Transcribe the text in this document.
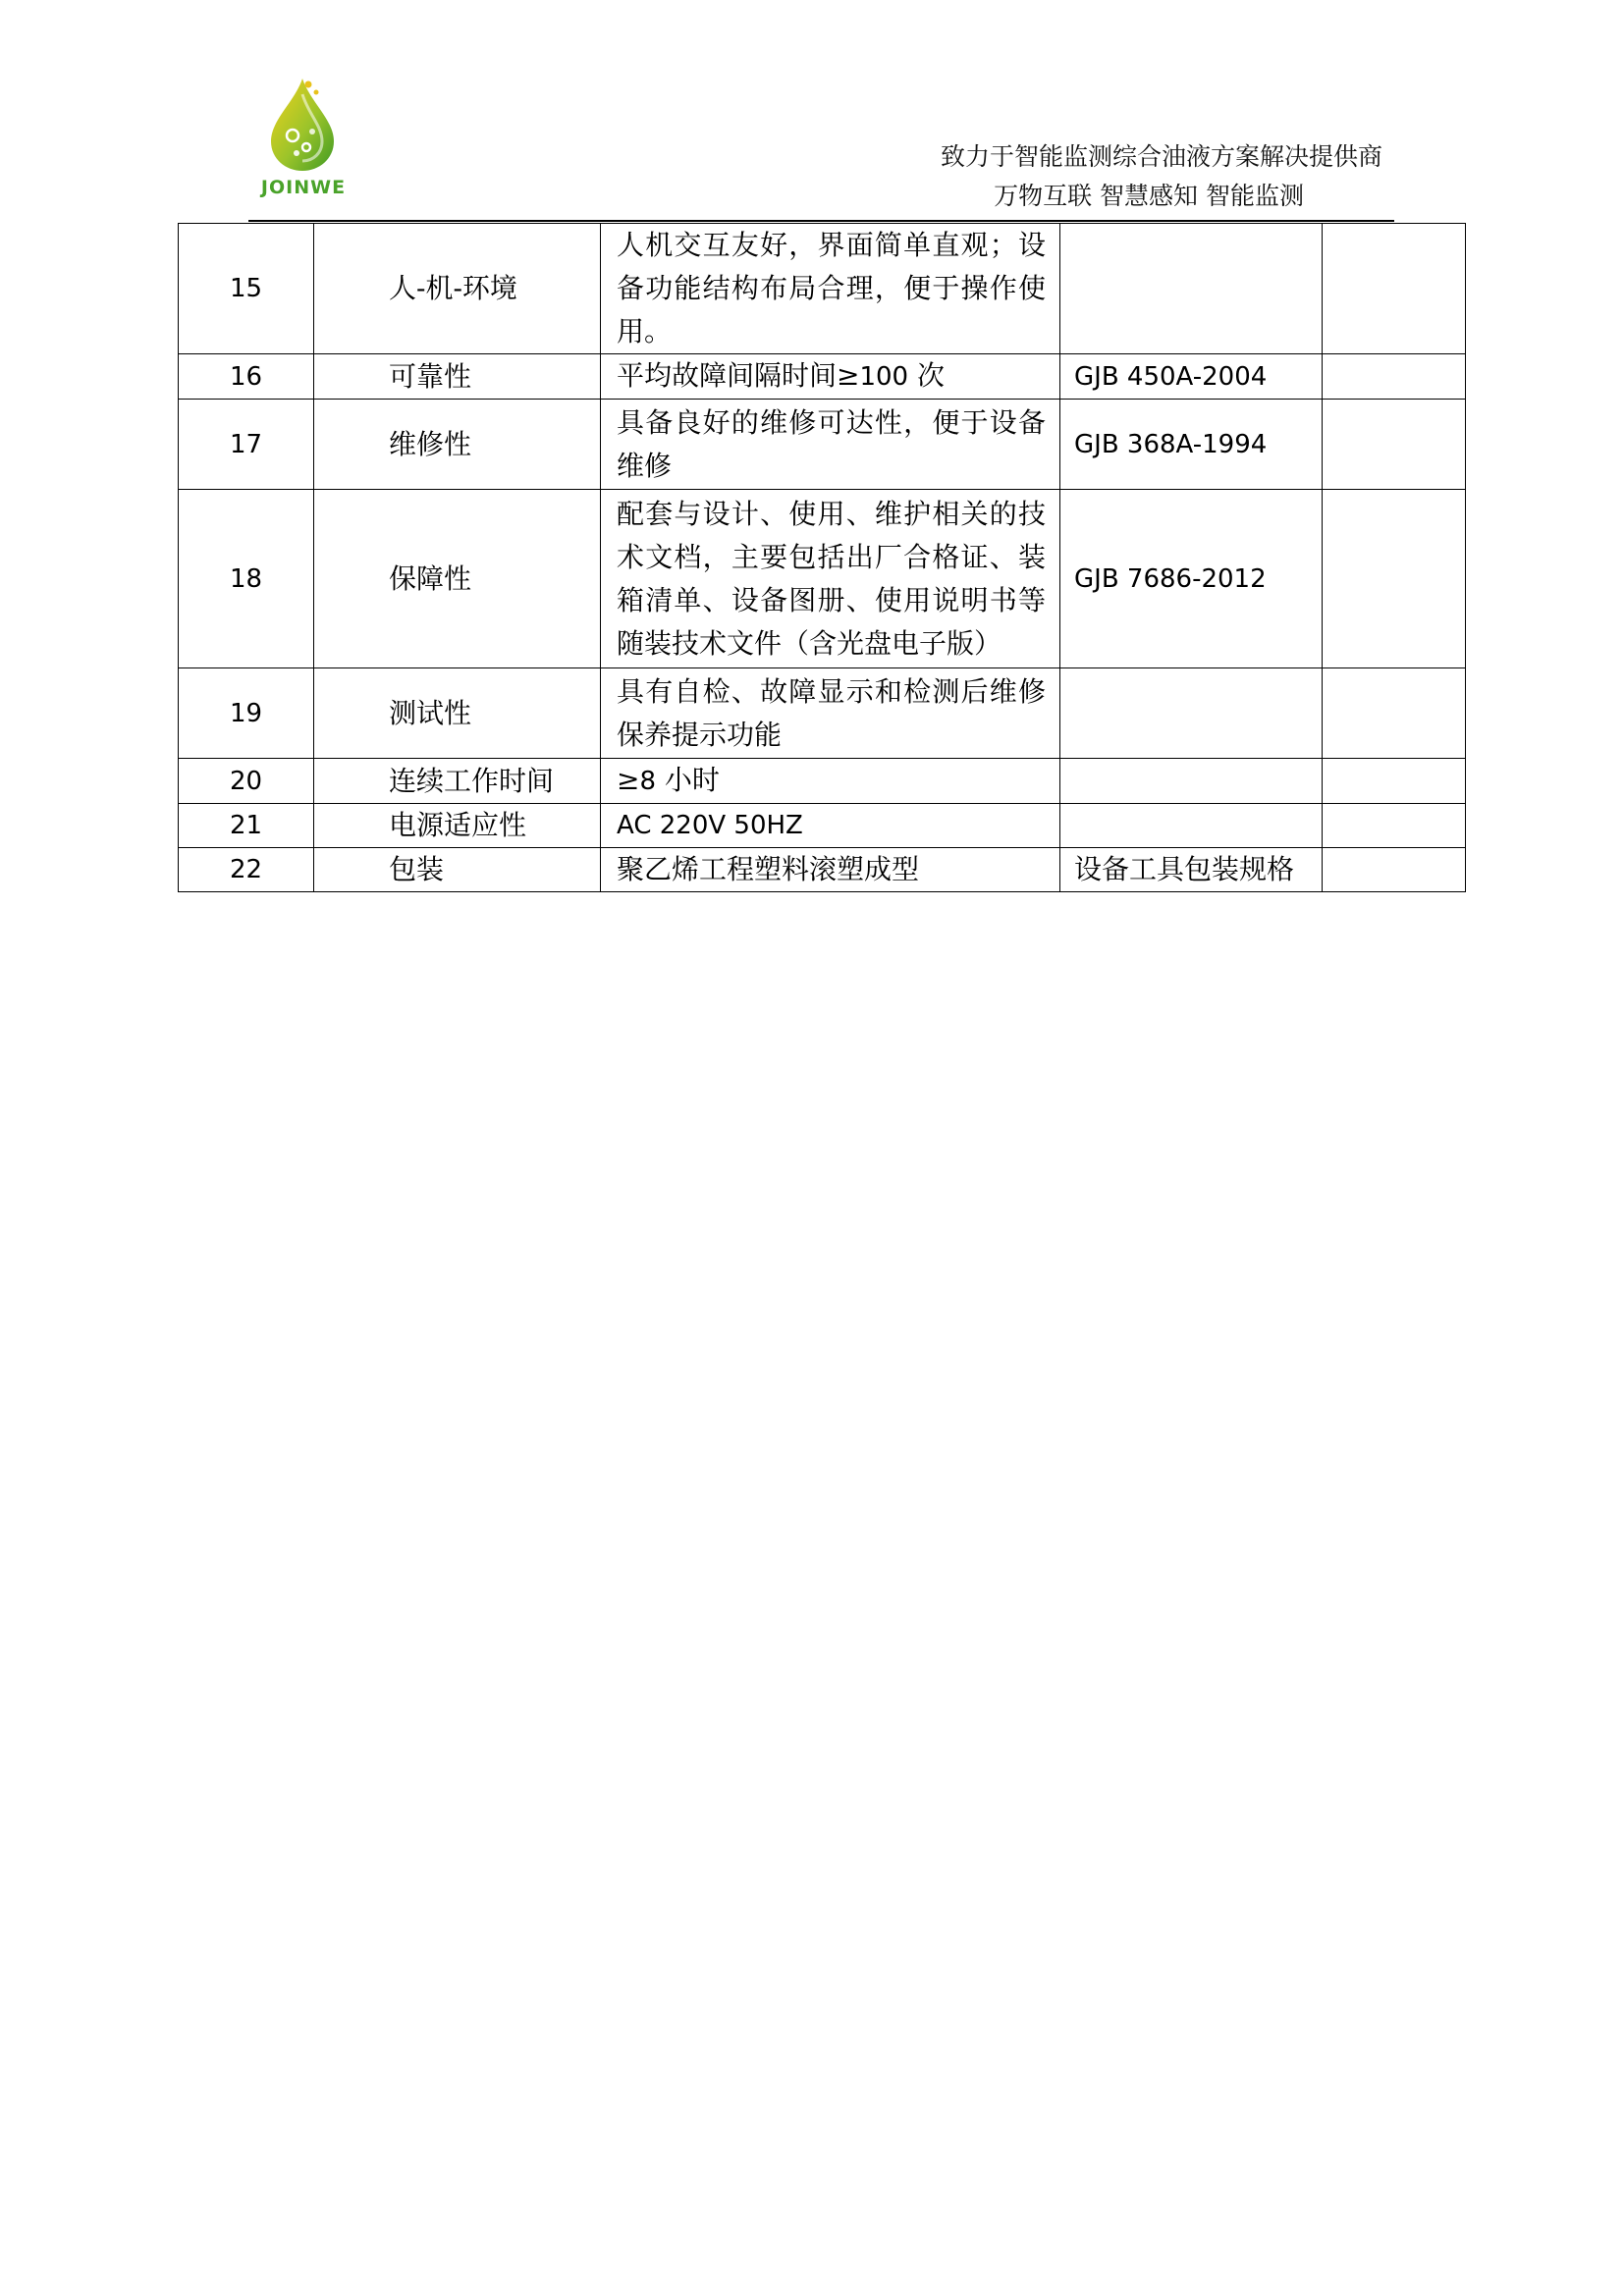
JOINWE
致力于智能监测综合油液方案解决提供商
万物互联 智慧感知 智能监测
15	人-机-环境	人机交互友好，界面简单直观；设备功能结构布局合理，便于操作使用。		
16	可靠性	平均故障间隔时间≥100 次	GJB 450A-2004	
17	维修性	具备良好的维修可达性，便于设备维修	GJB 368A-1994	
18	保障性	配套与设计、使用、维护相关的技术文档，主要包括出厂合格证、装箱清单、设备图册、使用说明书等随装技术文件（含光盘电子版）	GJB 7686-2012	
19	测试性	具有自检、故障显示和检测后维修保养提示功能		
20	连续工作时间	≥8 小时		
21	电源适应性	AC 220V 50HZ		
22	包装	聚乙烯工程塑料滚塑成型	设备工具包装规格	
